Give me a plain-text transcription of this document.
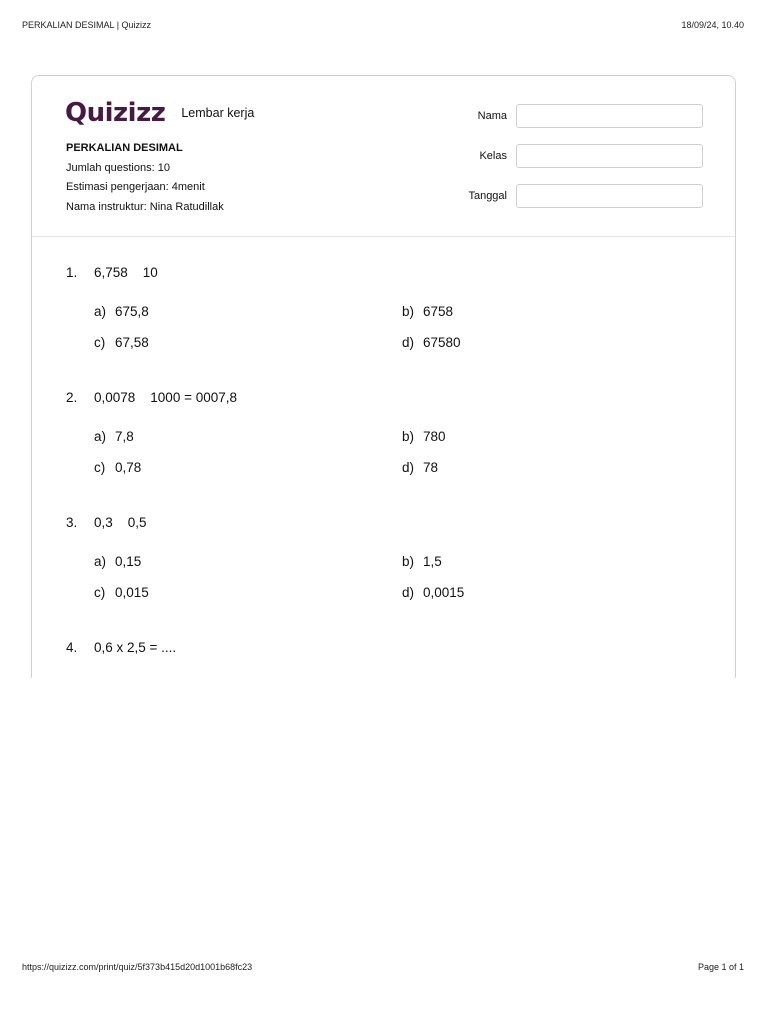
PERKALIAN DESIMAL | Quizizz	18/09/24, 10.40
Quizizz Lembar kerja
PERKALIAN DESIMAL
Jumlah questions: 10
Estimasi pengerjaan: 4menit
Nama instruktur: Nina Ratudillak
Nama
Kelas
Tanggal
1.	6,758    10
a) 675,8	b) 6758
c) 67,58	d) 67580
2.	0,0078    1000 = 0007,8
a) 7,8	b) 780
c) 0,78	d) 78
3.	0,3    0,5
a) 0,15	b) 1,5
c) 0,015	d) 0,0015
4.	0,6 x 2,5 = ....
https://quizizz.com/print/quiz/5f373b415d20d1001b68fc23	Page 1 of 1
